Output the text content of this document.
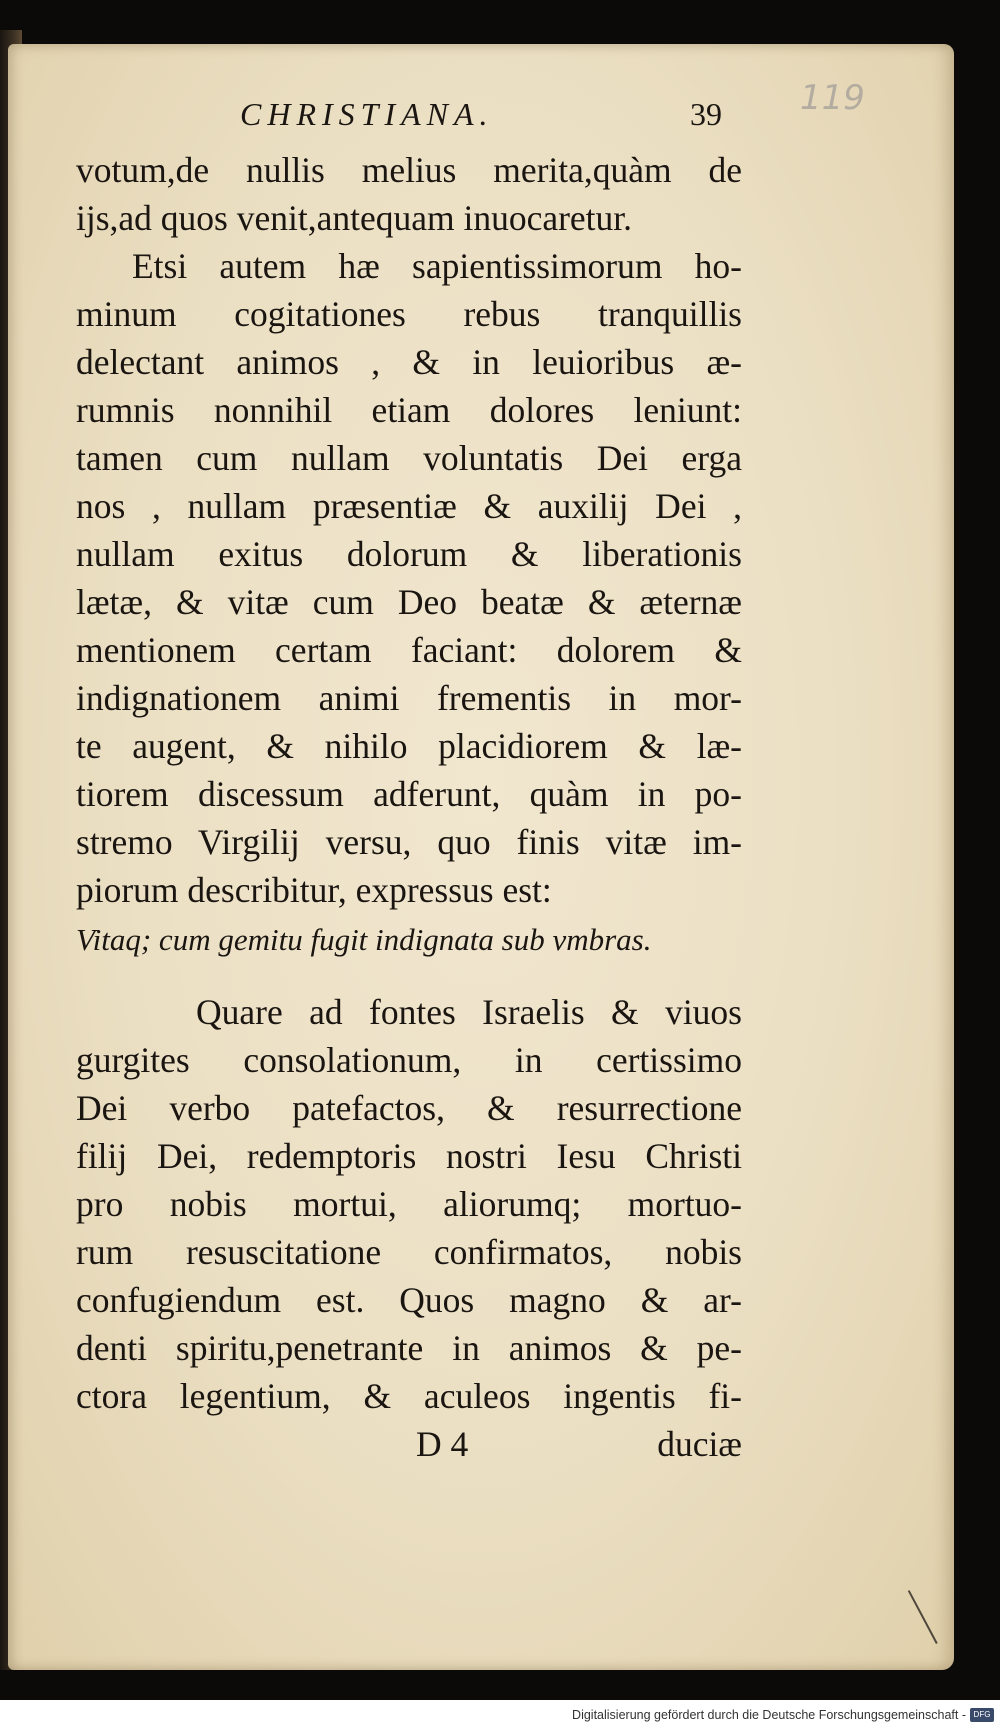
119
CHRISTIANA.	39
votum,de nullis melius merita,quàm de
ijs,ad quos venit,antequam inuocaretur.
Etsi autem hæ sapientissimorum ho-
minum cogitationes rebus tranquillis
delectant animos , & in leuioribus æ-
rumnis nonnihil etiam dolores leniunt:
tamen cum nullam voluntatis Dei erga
nos , nullam præsentiæ & auxilij Dei ,
nullam exitus dolorum & liberationis
lætæ, & vitæ cum Deo beatæ & æternæ
mentionem certam faciant: dolorem &
indignationem animi frementis in mor-
te augent, & nihilo placidiorem & læ-
tiorem discessum adferunt, quàm in po-
stremo Virgilij versu, quo finis vitæ im-
piorum describitur, expressus est:
Vitaq; cum gemitu fugit indignata sub vmbras.
Quare ad fontes Israelis & viuos
gurgites consolationum, in certissimo
Dei verbo patefactos, & resurrectione
filij Dei, redemptoris nostri Iesu Christi
pro nobis mortui, aliorumq; mortuo-
rum resuscitatione confirmatos, nobis
confugiendum est. Quos magno & ar-
denti spiritu,penetrante in animos & pe-
ctora legentium, & aculeos ingentis fi-
D 4	duciæ
Digitalisierung gefördert durch die Deutsche Forschungsgemeinschaft - DFG
